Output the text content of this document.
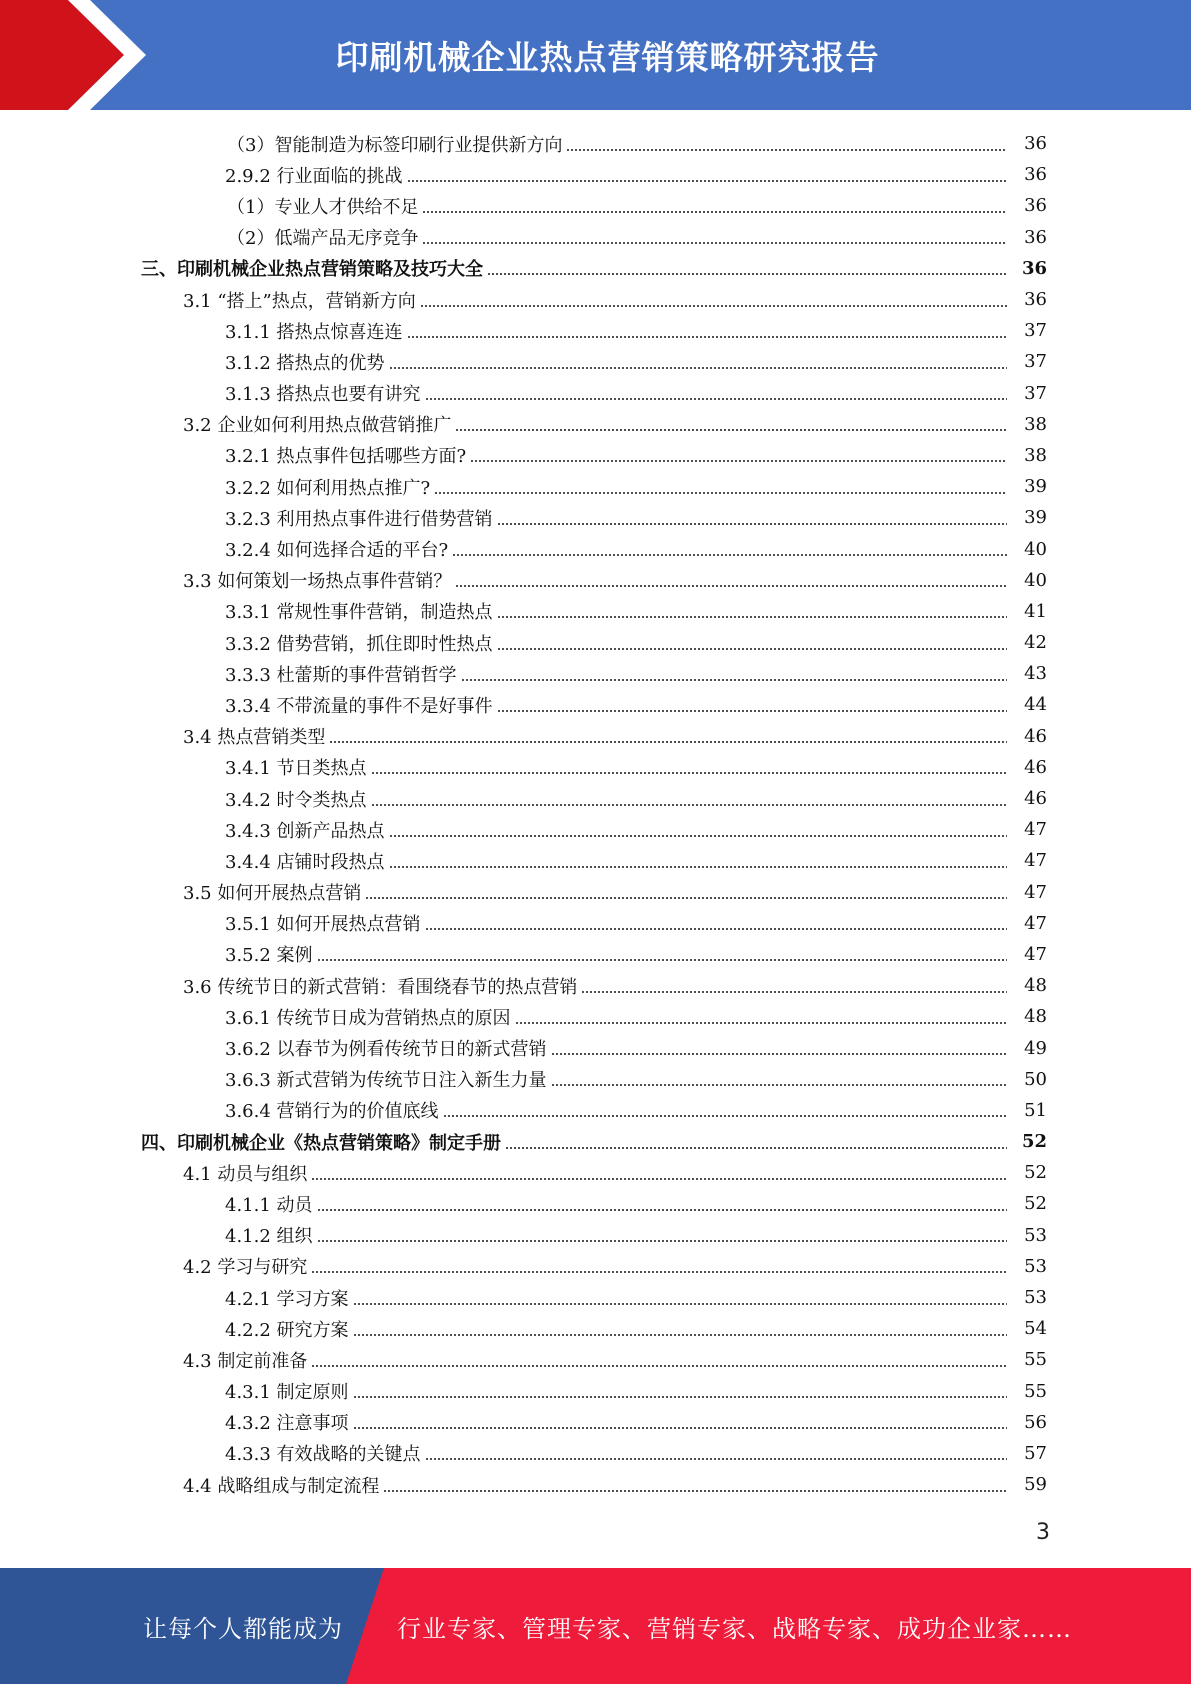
印刷机械企业热点营销策略研究报告
（3）智能制造为标签印刷行业提供新方向	36
2.9.2 行业面临的挑战	36
（1）专业人才供给不足	36
（2）低端产品无序竞争	36
三、印刷机械企业热点营销策略及技巧大全	36
3.1 “搭上”热点，营销新方向	36
3.1.1 搭热点惊喜连连	37
3.1.2 搭热点的优势	37
3.1.3 搭热点也要有讲究	37
3.2 企业如何利用热点做营销推广	38
3.2.1 热点事件包括哪些方面?	38
3.2.2 如何利用热点推广?	39
3.2.3 利用热点事件进行借势营销	39
3.2.4 如何选择合适的平台?	40
3.3 如何策划一场热点事件营销？	40
3.3.1 常规性事件营销，制造热点	41
3.3.2 借势营销，抓住即时性热点	42
3.3.3 杜蕾斯的事件营销哲学	43
3.3.4 不带流量的事件不是好事件	44
3.4 热点营销类型	46
3.4.1 节日类热点	46
3.4.2 时令类热点	46
3.4.3 创新产品热点	47
3.4.4 店铺时段热点	47
3.5 如何开展热点营销	47
3.5.1 如何开展热点营销	47
3.5.2 案例	47
3.6 传统节日的新式营销：看围绕春节的热点营销	48
3.6.1 传统节日成为营销热点的原因	48
3.6.2 以春节为例看传统节日的新式营销	49
3.6.3 新式营销为传统节日注入新生力量	50
3.6.4 营销行为的价值底线	51
四、印刷机械企业《热点营销策略》制定手册	52
4.1 动员与组织	52
4.1.1 动员	52
4.1.2 组织	53
4.2 学习与研究	53
4.2.1 学习方案	53
4.2.2 研究方案	54
4.3 制定前准备	55
4.3.1 制定原则	55
4.3.2 注意事项	56
4.3.3 有效战略的关键点	57
4.4 战略组成与制定流程	59
3
让每个人都能成为 行业专家、管理专家、营销专家、战略专家、成功企业家……
